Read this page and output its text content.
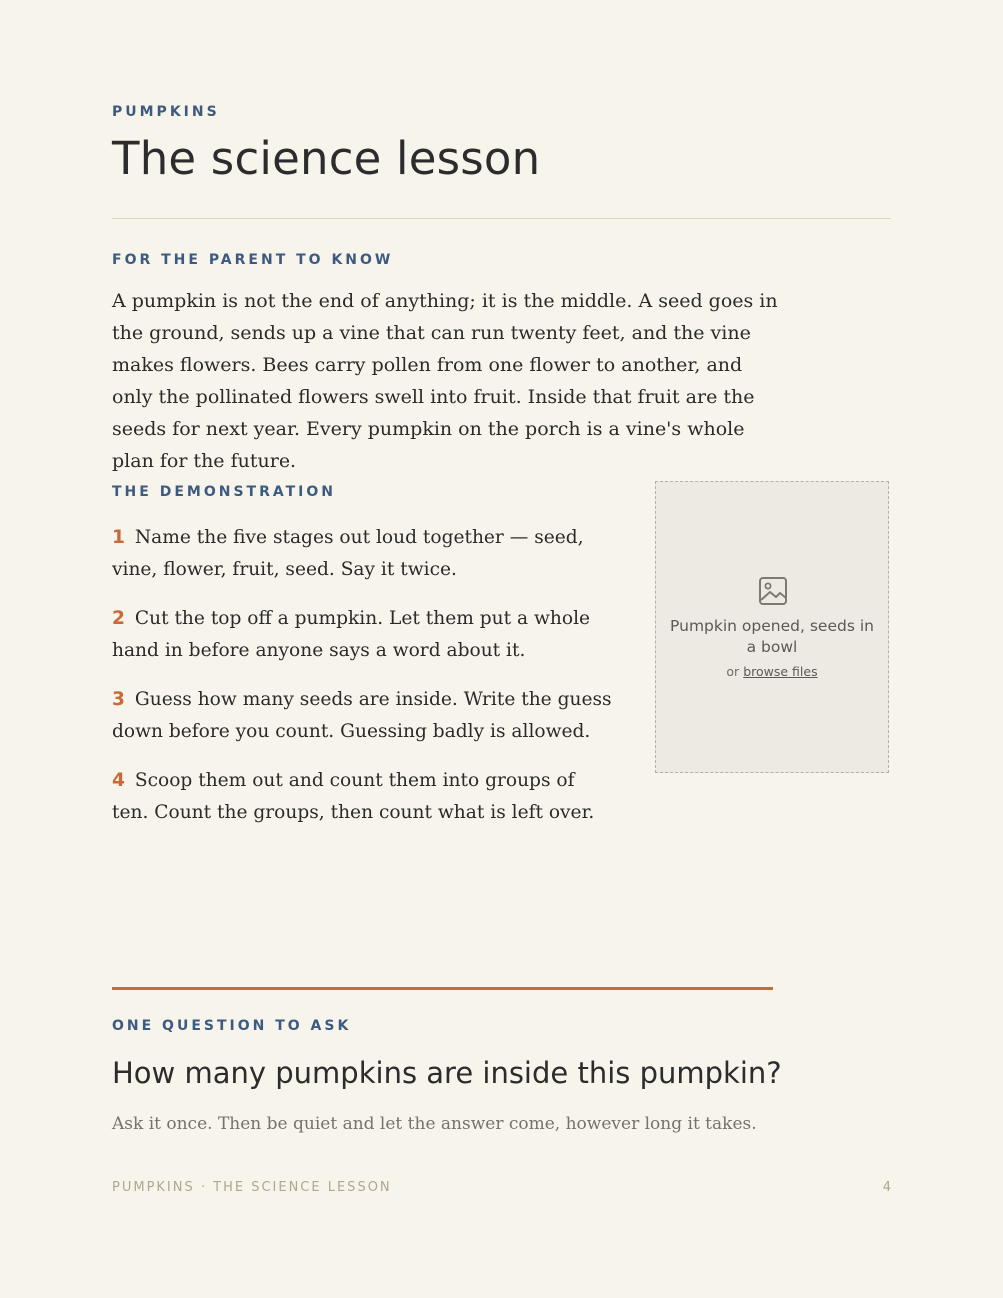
PUMPKINS
The science lesson
FOR THE PARENT TO KNOW

A pumpkin is not the end of anything; it is the middle. A seed goes in the ground, sends up a vine that can run twenty feet, and the vine makes flowers. Bees carry pollen from one flower to another, and only the pollinated flowers swell into fruit. Inside that fruit are the seeds for next year. Every pumpkin on the porch is a vine's whole plan for the future.

THE DEMONSTRATION
1 Name the five stages out loud together — seed, vine, flower, fruit, seed. Say it twice.
2 Cut the top off a pumpkin. Let them put a whole hand in before anyone says a word about it.
3 Guess how many seeds are inside. Write the guess down before you count. Guessing badly is allowed.
4 Scoop them out and count them into groups of ten. Count the groups, then count what is left over.
Pumpkin opened, seeds in a bowl
or browse files
ONE QUESTION TO ASK
How many pumpkins are inside this pumpkin?

Ask it once. Then be quiet and let the answer come, however long it takes.

PUMPKINS · THE SCIENCE LESSON	4
